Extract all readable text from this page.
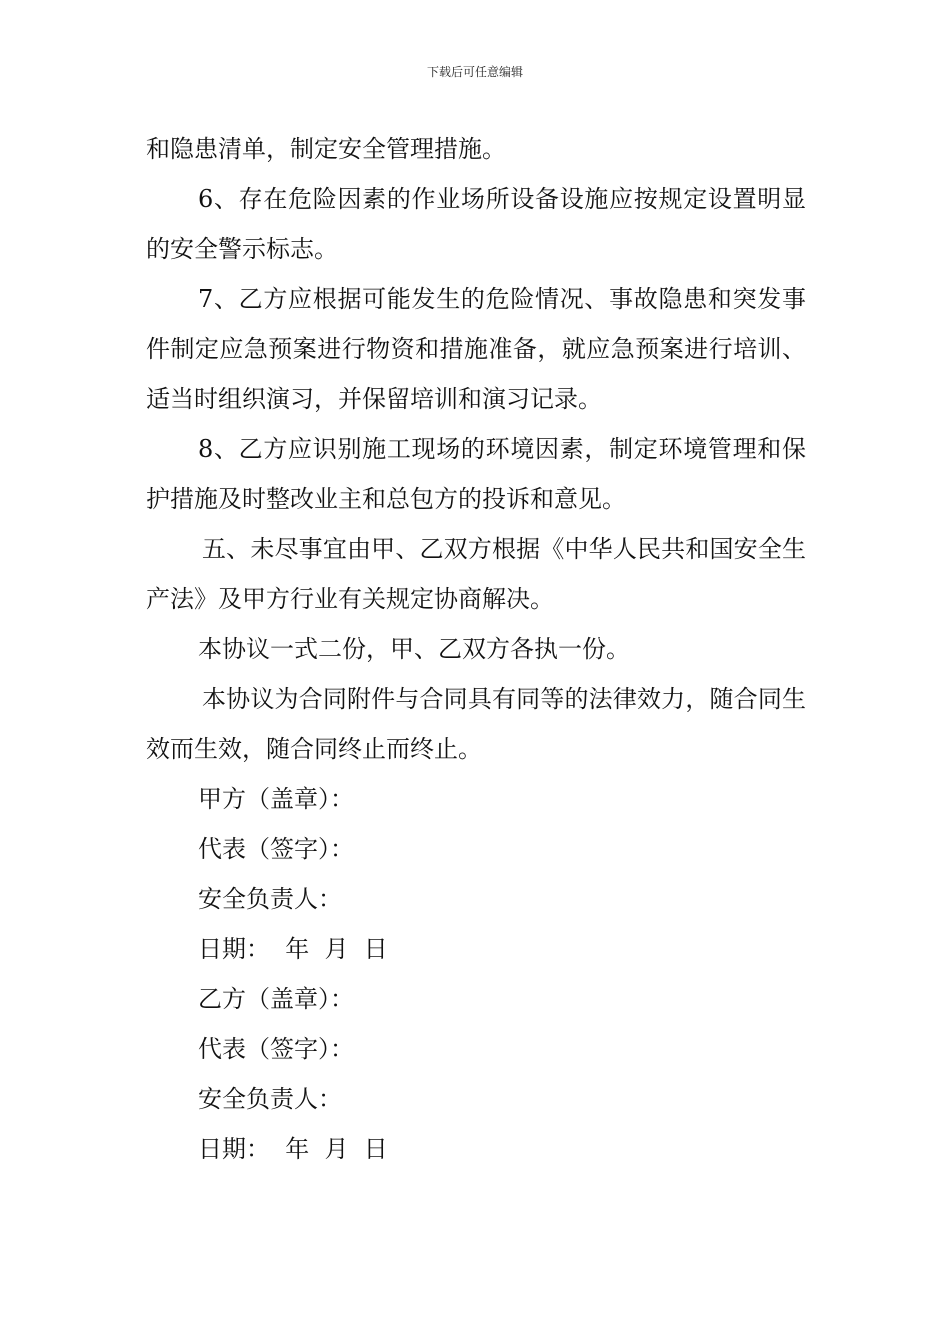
下载后可任意编辑

和隐患清单，制定安全管理措施。

6、存在危险因素的作业场所设备设施应按规定设置明显的安全警示标志。

7、乙方应根据可能发生的危险情况、事故隐患和突发事件制定应急预案进行物资和措施准备，就应急预案进行培训、适当时组织演习，并保留培训和演习记录。

8、乙方应识别施工现场的环境因素，制定环境管理和保护措施及时整改业主和总包方的投诉和意见。

五、未尽事宜由甲、乙双方根据《中华人民共和国安全生产法》及甲方行业有关规定协商解决。

本协议一式二份，甲、乙双方各执一份。

本协议为合同附件与合同具有同等的法律效力，随合同生效而生效，随合同终止而终止。

甲方（盖章）：

代表（签字）：

安全负责人：

日期：  年  月  日

乙方（盖章）：

代表（签字）：

安全负责人：

日期：  年  月  日
